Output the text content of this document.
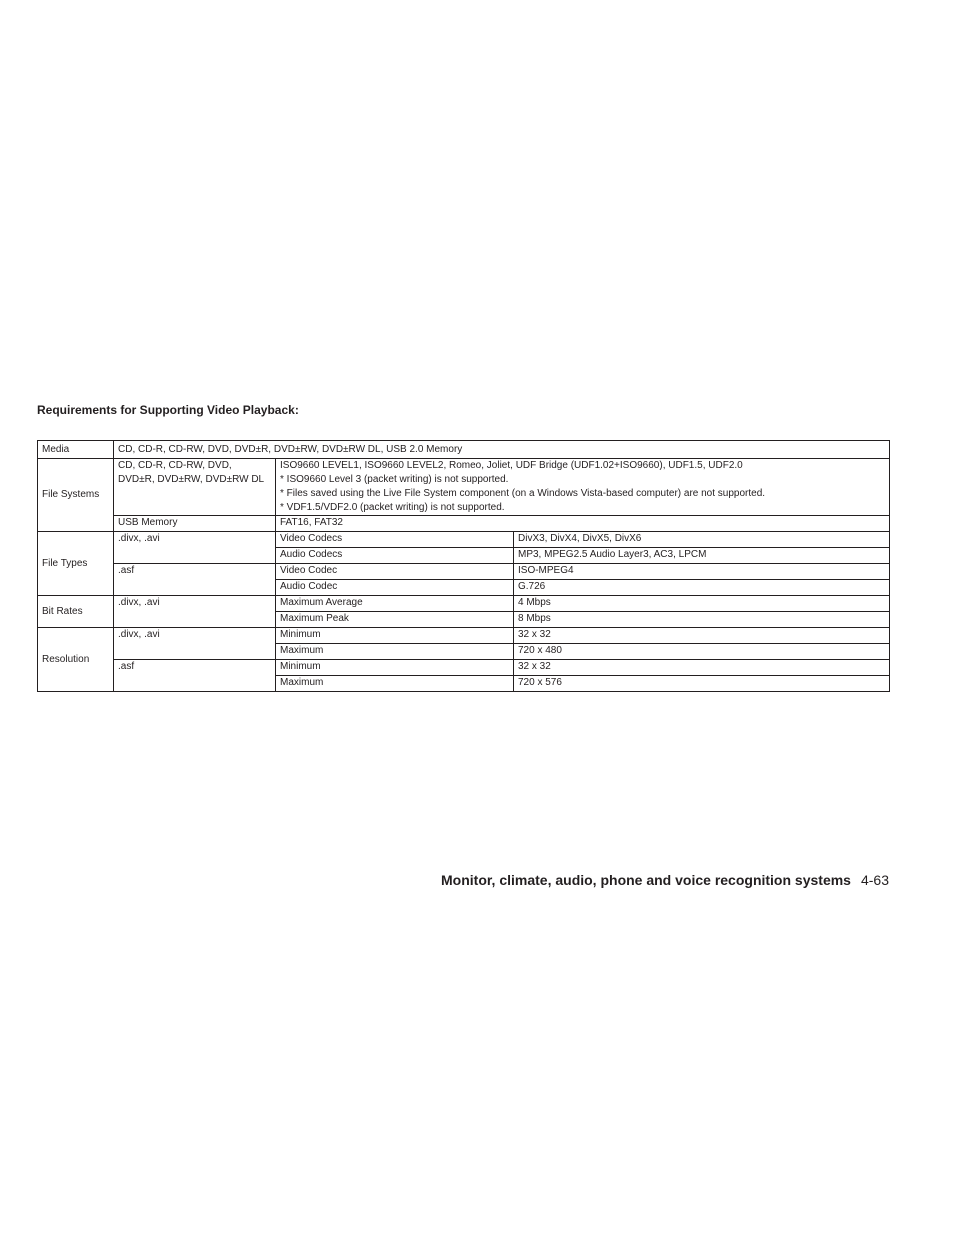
Requirements for Supporting Video Playback:
Media	CD, CD-R, CD-RW, DVD, DVD±R, DVD±RW, DVD±RW DL, USB 2.0 Memory		
File Systems	CD, CD-R, CD-RW, DVD, DVD±R, DVD±RW, DVD±RW DL	ISO9660 LEVEL1, ISO9660 LEVEL2, Romeo, Joliet, UDF Bridge (UDF1.02+ISO9660), UDF1.5, UDF2.0
* ISO9660 Level 3 (packet writing) is not supported.
* Files saved using the Live File System component (on a Windows Vista-based computer) are not supported.
* VDF1.5/VDF2.0 (packet writing) is not supported.	

	USB Memory	FAT16, FAT32	
File Types	.divx, .avi	Video Codecs	DivX3, DivX4, DivX5, DivX6
		Audio Codecs	MP3, MPEG2.5 Audio Layer3, AC3, LPCM
	.asf	Video Codec	ISO-MPEG4
		Audio Codec	G.726
Bit Rates	.divx, .avi	Maximum Average	4 Mbps
		Maximum Peak	8 Mbps
Resolution	.divx, .avi	Minimum	32 x 32
		Maximum	720 x 480
	.asf	Minimum	32 x 32
		Maximum	720 x 576
Monitor, climate, audio, phone and voice recognition systems 4-63
